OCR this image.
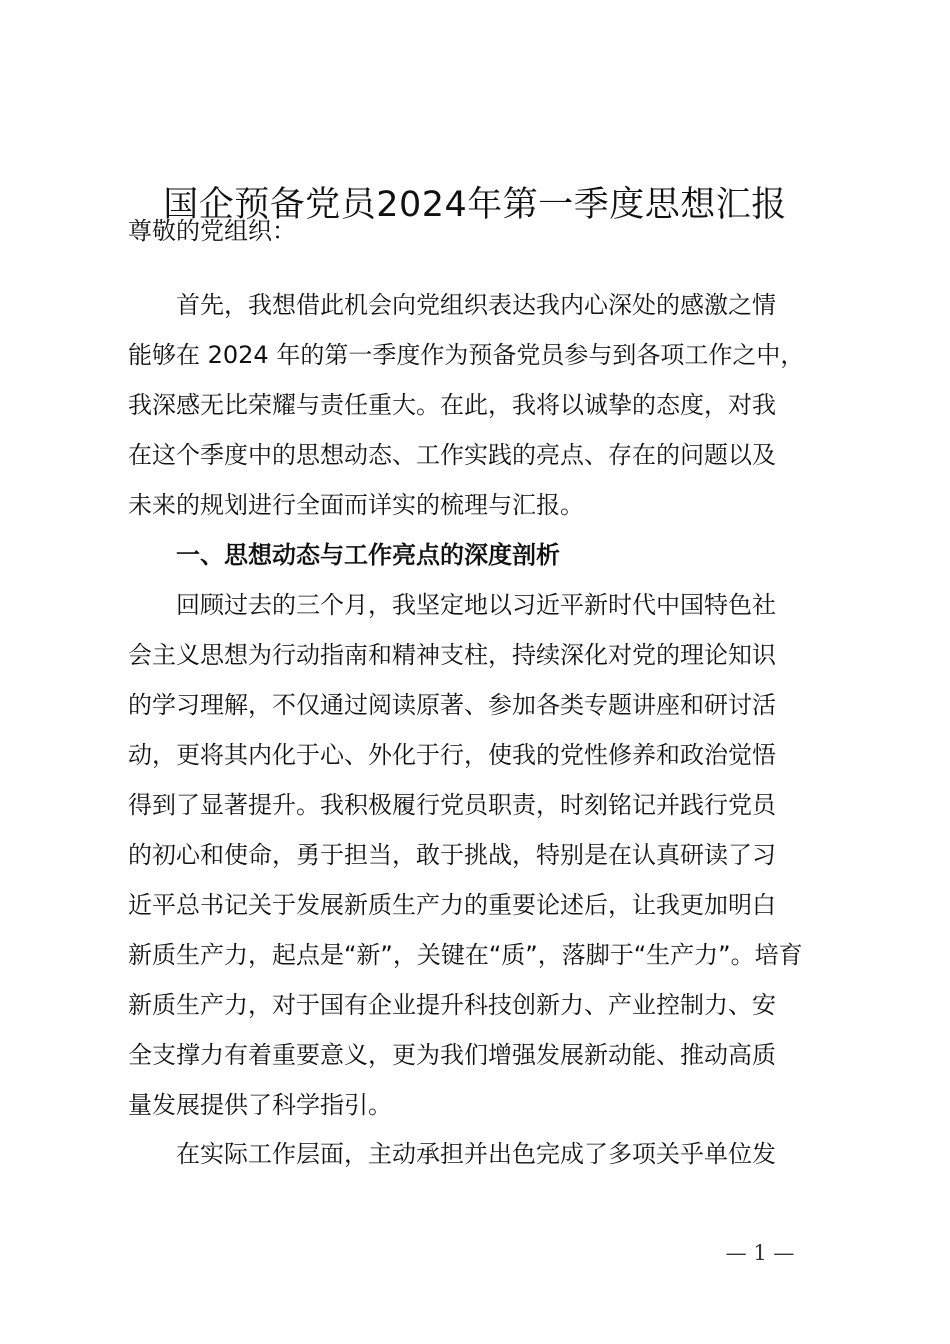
国企预备党员2024年第一季度思想汇报

尊敬的党组织：

首先，我想借此机会向党组织表达我内心深处的感激之情

能够在 2024 年的第一季度作为预备党员参与到各项工作之中，

我深感无比荣耀与责任重大。在此，我将以诚挚的态度，对我

在这个季度中的思想动态、工作实践的亮点、存在的问题以及

未来的规划进行全面而详实的梳理与汇报。

一、思想动态与工作亮点的深度剖析

回顾过去的三个月，我坚定地以习近平新时代中国特色社

会主义思想为行动指南和精神支柱，持续深化对党的理论知识

的学习理解，不仅通过阅读原著、参加各类专题讲座和研讨活

动，更将其内化于心、外化于行，使我的党性修养和政治觉悟

得到了显著提升。我积极履行党员职责，时刻铭记并践行党员

的初心和使命，勇于担当，敢于挑战，特别是在认真研读了习

近平总书记关于发展新质生产力的重要论述后，让我更加明白

新质生产力，起点是“新”，关键在“质”，落脚于“生产力”。培育

新质生产力，对于国有企业提升科技创新力、产业控制力、安

全支撑力有着重要意义，更为我们增强发展新动能、推动高质

量发展提供了科学指引。

在实际工作层面，主动承担并出色完成了多项关乎单位发

— 1 —
